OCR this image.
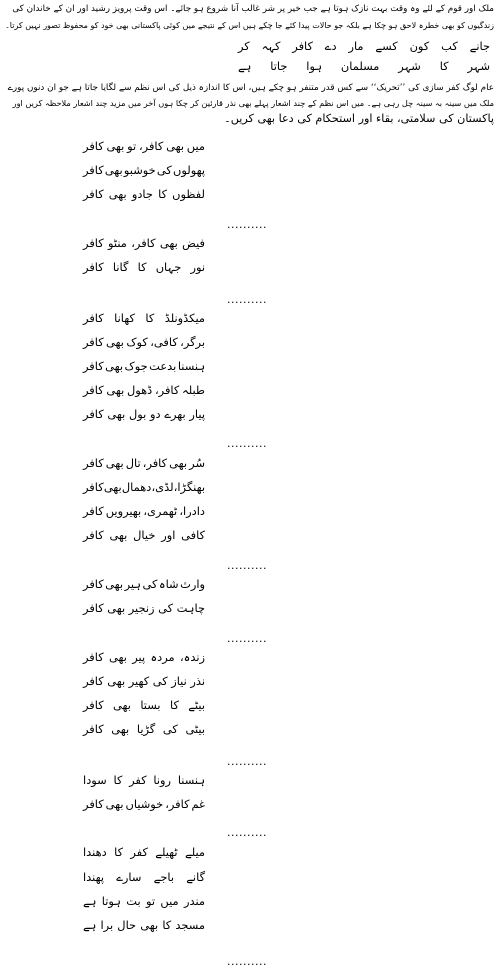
ملک اور قوم کے لئے وہ وقت بہت نازک ہوتا ہے جب خیر پر شر غالب آنا شروع ہو جائے۔ اس وقت پرویز رشید اور ان کے خاندان کی
زندگیوں کو بھی خطرہ لاحق ہو چکا ہے بلکہ جو حالات پیدا کئے جا چکے ہیں اس کے نتیجے میں کوئی پاکستانی بھی خود کو محفوظ تصور نہیں کرتا۔
جانے
کب
کون
کسے
مار
دے
کافر
کہہ
کر
شہر
کا
شہر
مسلمان
ہوا
جاتا
ہے
عام لوگ کفر سازی کی ’’تحریک‘‘ سے کس قدر متنفر ہو چکے ہیں، اس کا اندازہ ذیل کی اس نظم سے لگایا جاتا ہے جو ان دنوں پورے
ملک میں سینہ بہ سینہ چل رہی ہے۔ میں اس نظم کے چند اشعار پہلے بھی نذر قارئین کر چکا ہوں آخر میں مزید چند اشعار ملاحظہ کریں اور
پاکستان کی سلامتی، بقاء اور استحکام کی دعا بھی کریں۔
میں
بھی
کافر،
تو
بھی
کافر
پھولوں
کی
خوشبو
بھی
کافر
لفظوں
کا
جادو
بھی
کافر
..........
فیض
بھی
کافر،
منٹو
کافر
نور
جہاں
کا
گانا
کافر
..........
میکڈونلڈ
کا
کھانا
کافر
برگر،
کافی،
کوک
بھی
کافر
ہنسنا
بدعت
جوک
بھی
کافر
طبلہ
کافر،
ڈھول
بھی
کافر
پیار
بھرے
دو
بول
بھی
کافر
..........
سُر
بھی
کافر،
تال
بھی
کافر
بھنگڑا،
لڈی،
دھمال
بھی
کافر
دادرا،
ٹھمری،
بھیرویں
کافر
کافی
اور
خیال
بھی
کافر
..........
وارث
شاہ
کی
ہیر
بھی
کافر
چاہت
کی
زنجیر
بھی
کافر
..........
زندہ،
مردہ
پیر
بھی
کافر
نذر
نیاز
کی
کھیر
بھی
کافر
بیٹے
کا
بستا
بھی
کافر
بیٹی
کی
گڑیا
بھی
کافر
..........
ہنسنا
رونا
کفر
کا
سودا
غم
کافر،
خوشیاں
بھی
کافر
..........
میلے
ٹھیلے
کفر
کا
دھندا
گانے
باجے
سارے
پھندا
مندر
میں
تو
بت
ہوتا
ہے
مسجد
کا
بھی
حال
برا
ہے
..........
